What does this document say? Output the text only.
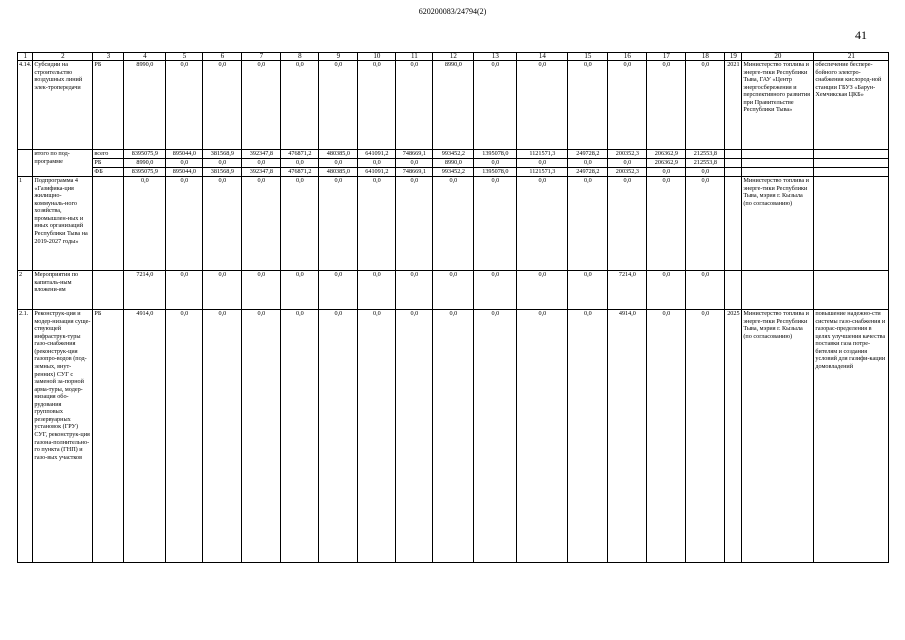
620200083/24794(2)
41
1	2	3	4	5	6	7	8	9	10	11	12	13	14	15	16	17	18	19	20	21
4.14.	Субсидии на строительство воздушных линий элек-тропередачи	РБ	8990,0	0,0	0,0	0,0	0,0	0,0	0,0	0,0	8990,0	0,0	0,0	0,0	0,0	0,0	0,0	2021	Министерство топлива и энерге-тики Республики Тыва, ГАУ «Центр энергосбережения и перспективного развития при Правительстве Республики Тыва»	обеспечение беспере-бойного электро-снабжения кислород-ной станции ГБУЗ «Барун-Хемчикская ЦКБ»
	итого по под-программе	всего	8395075,9	895044,0	381568,9	392347,8	476871,2	480385,0	641091,2	748669,1	993452,2	1395078,0	1121571,3	249728,2	200352,3	206362,9	212553,8			
		РБ	8990,0	0,0	0,0	0,0	0,0	0,0	0,0	0,0	8990,0	0,0	0,0	0,0	0,0	206362,9	212553,8			
		ФБ	8395075,9	895044,0	381568,9	392347,8	476871,2	480385,0	641091,2	748669,1	993452,2	1395078,0	1121571,3	249728,2	200352,3	0,0	0,0			
1	Подпрограмма 4 «Газифика-ция жилищно-коммуналь-ного хозяйства, промышлен-ных и иных организаций Республики Тыва на 2019-2027 годы»		0,0	0,0	0,0	0,0	0,0	0,0	0,0	0,0	0,0	0,0	0,0	0,0	0,0	0,0	0,0		Министерство топлива и энерге-тики Республики Тыва, мэрия г. Кызыла (по согласованию)	
2	Мероприятия по капиталь-ным вложени-ям		7214,0	0,0	0,0	0,0	0,0	0,0	0,0	0,0	0,0	0,0	0,0	0,0	7214,0	0,0	0,0			
2.1.	Реконструк-ция и модер-низация суще-ствующей инфраструк-туры газо-снабжения (реконструк-ция газопро-водов (под-земных, внут-ренних) СУГ с заменой за-порной арма-туры, модер-низация обо-рудования групповых резервуарных установок (ГРУ) СУГ, реконструк-ция газона-полнительно-го пункта (ГНП) и газо-вых участков	РБ	4914,0	0,0	0,0	0,0	0,0	0,0	0,0	0,0	0,0	0,0	0,0	0,0	4914,0	0,0	0,0	2025	Министерство топлива и энерге-тики Республики Тыва, мэрия г. Кызыла (по согласованию)	повышение надежно-сти системы газо-снабжения и газорас-пределения в целях улучшения качества поставки газа потре-бителям и создания условий для газифи-кации домовладений
